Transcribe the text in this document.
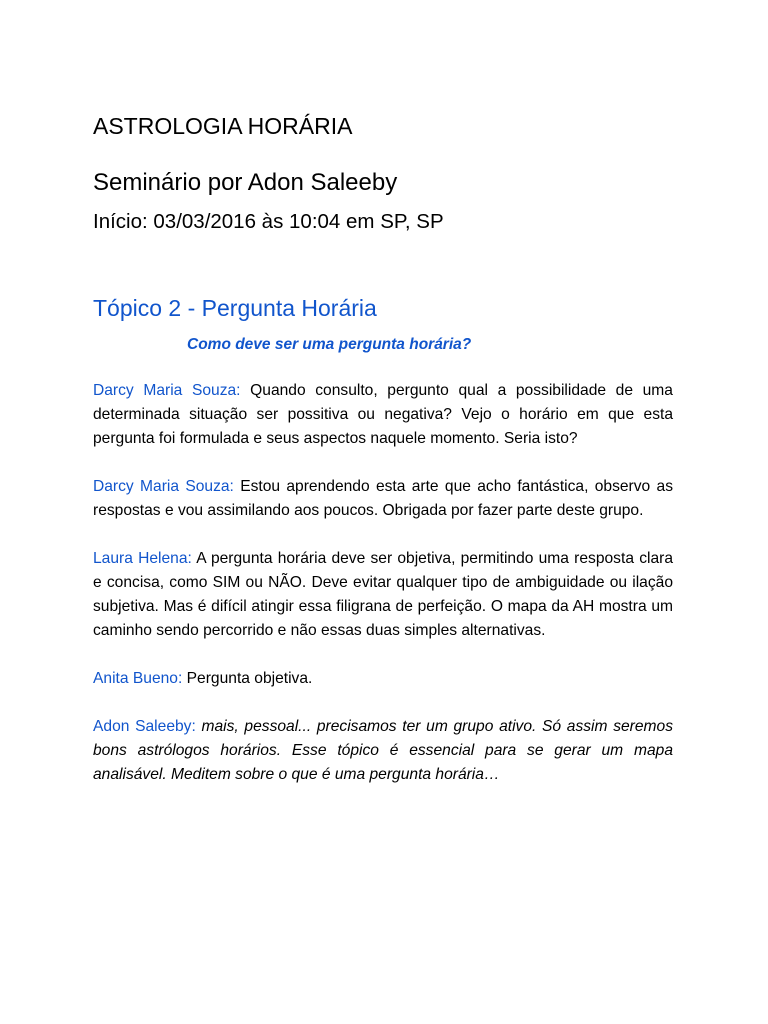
ASTROLOGIA HORÁRIA
Seminário por Adon Saleeby
Início: 03/03/2016 às 10:04 em SP, SP
Tópico 2 - Pergunta Horária
Como deve ser uma pergunta horária?

Darcy Maria Souza: Quando consulto, pergunto qual a possibilidade de uma determinada situação ser possitiva ou negativa? Vejo o horário em que esta pergunta foi formulada e seus aspectos naquele momento. Seria isto?

Darcy Maria Souza: Estou aprendendo esta arte que acho fantástica, observo as respostas e vou assimilando aos poucos. Obrigada por fazer parte deste grupo.

Laura Helena: A pergunta horária deve ser objetiva, permitindo uma resposta clara e concisa, como SIM ou NÃO. Deve evitar qualquer tipo de ambiguidade ou ilação subjetiva. Mas é difícil atingir essa filigrana de perfeição. O mapa da AH mostra um caminho sendo percorrido e não essas duas simples alternativas.

Anita Bueno: Pergunta objetiva.

Adon Saleeby: mais, pessoal... precisamos ter um grupo ativo. Só assim seremos bons astrólogos horários. Esse tópico é essencial para se gerar um mapa analisável. Meditem sobre o que é uma pergunta horária…
